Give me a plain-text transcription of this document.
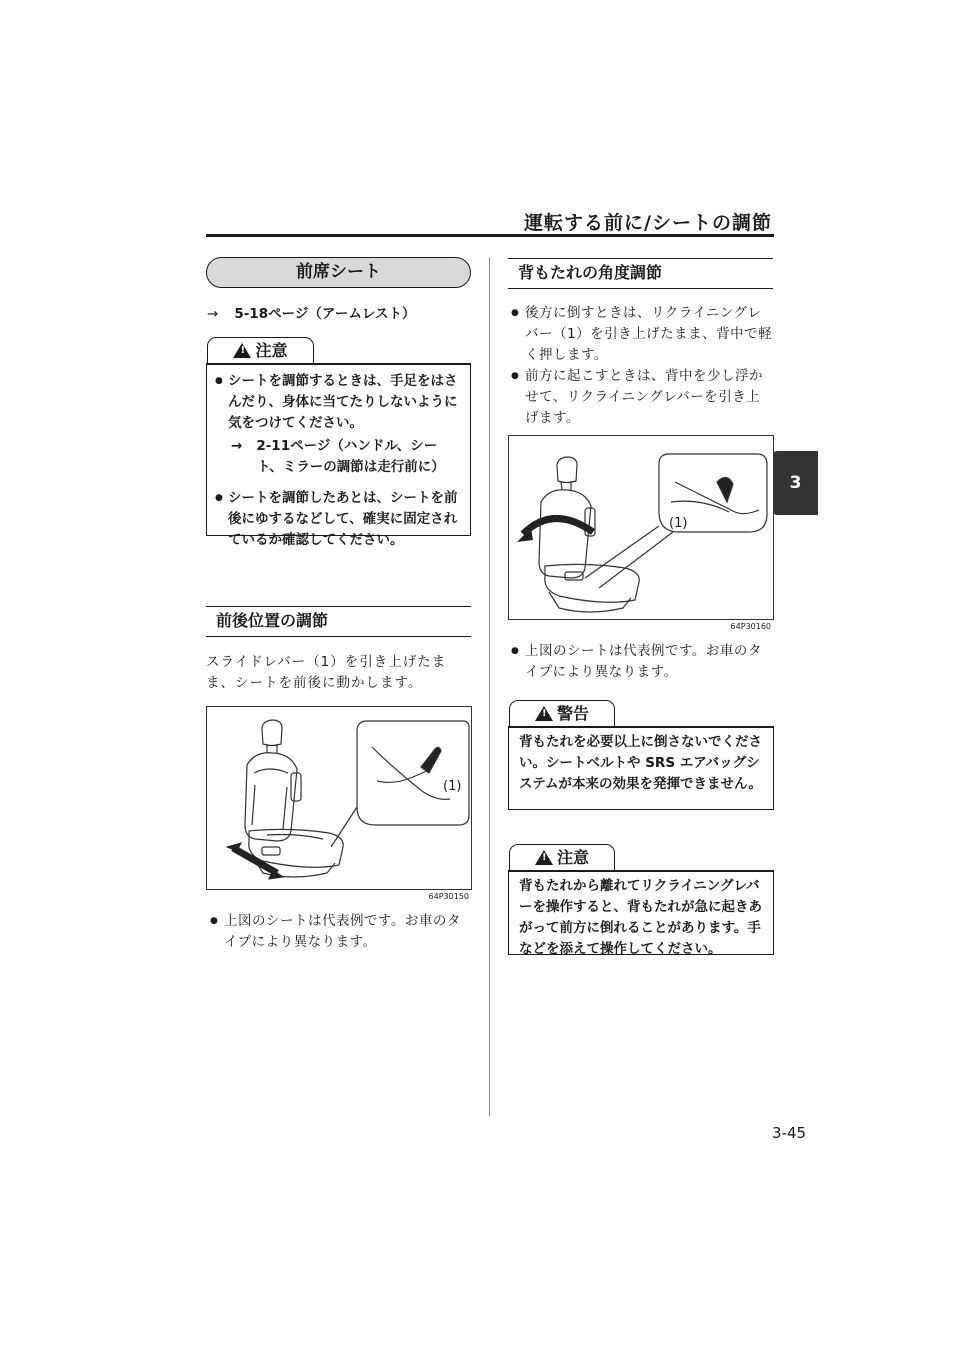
運転する前に/シートの調節
3
前席シート
→ 5-18ページ（アームレスト）
!注意
● シートを調節するときは、手足をはさんだり、身体に当てたりしないように気をつけてください。
→ 2-11ページ（ハンドル、シート、ミラーの調節は走行前に）
● シートを調節したあとは、シートを前後にゆするなどして、確実に固定されているか確認してください。
前後位置の調節
スライドレバー（1）を引き上げたまま、シートを前後に動かします。
(1)
64P30150
● 上図のシートは代表例です。お車のタイプにより異なります。
背もたれの角度調節
● 後方に倒すときは、リクライニングレバー（1）を引き上げたまま、背中で軽く押します。
● 前方に起こすときは、背中を少し浮かせて、リクライニングレバーを引き上げます。
(1)
64P30160
● 上図のシートは代表例です。お車のタイプにより異なります。
!警告
背もたれを必要以上に倒さないでください。シートベルトや SRS エアバッグシステムが本来の効果を発揮できません。
!注意
背もたれから離れてリクライニングレバーを操作すると、背もたれが急に起きあがって前方に倒れることがあります。手などを添えて操作してください。
3-45
